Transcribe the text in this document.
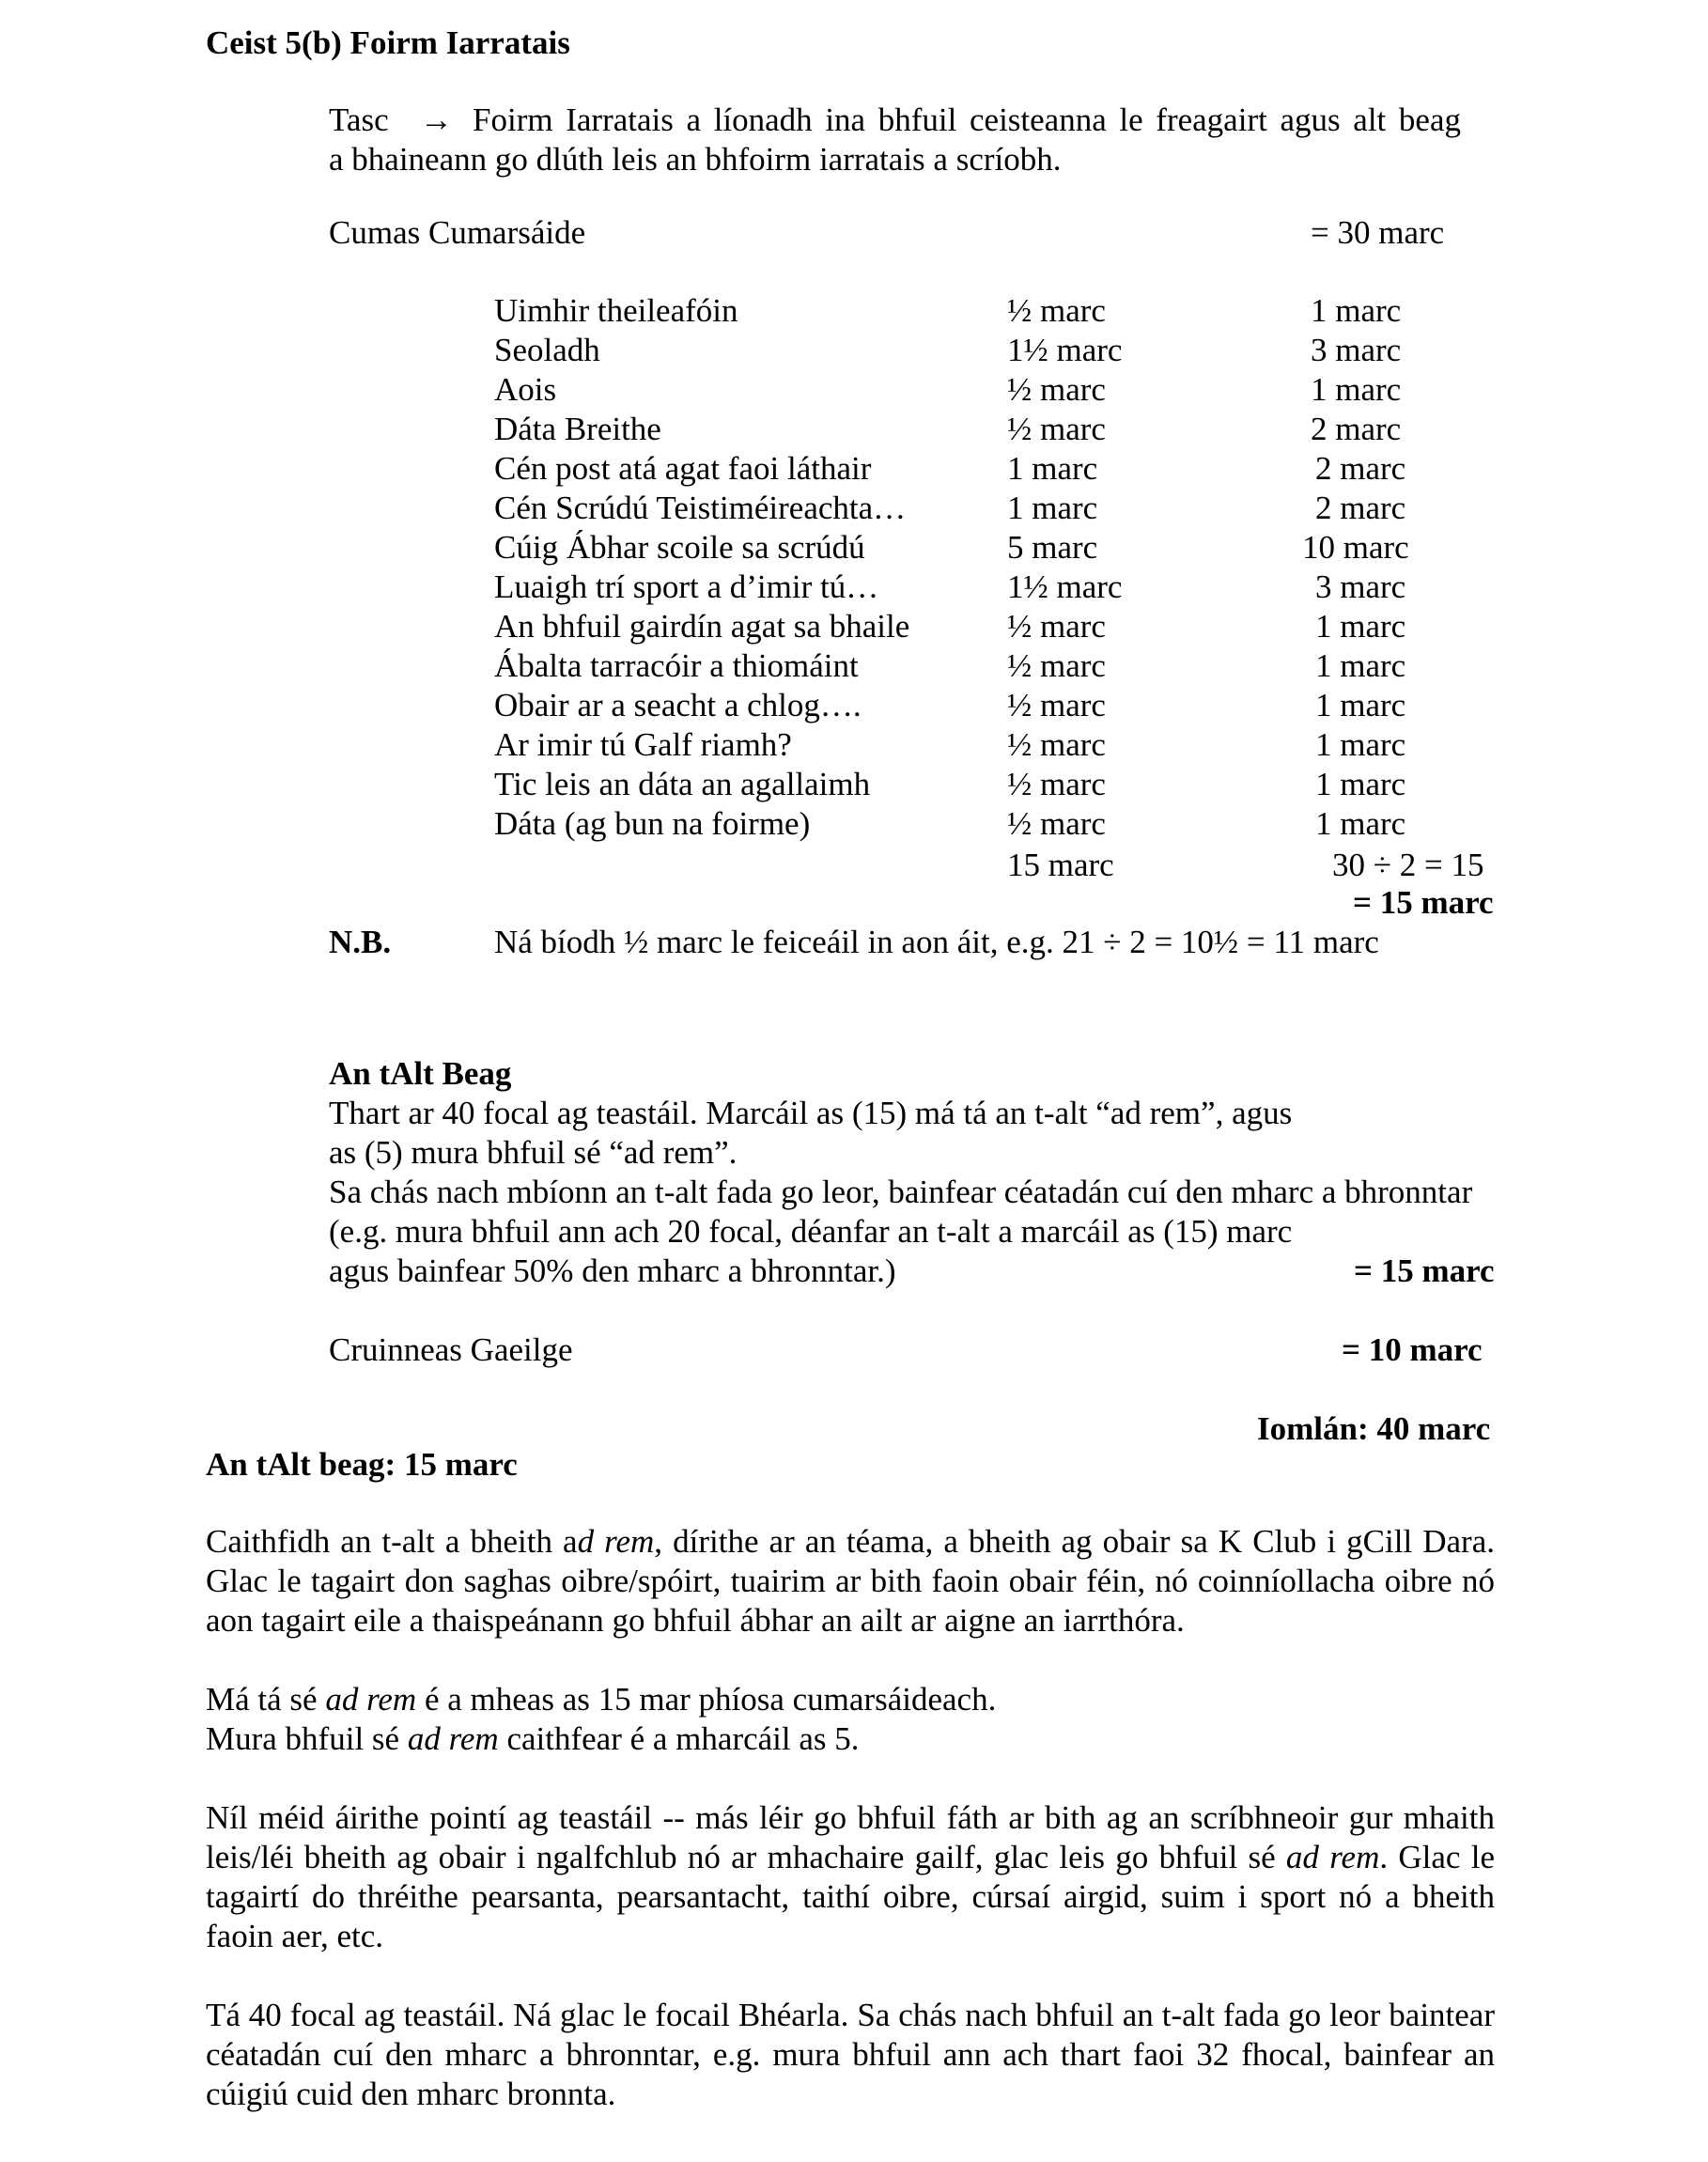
Ceist 5(b) Foirm Iarratais
Tasc → Foirm Iarratais a líonadh ina bhfuil ceisteanna le freagairt agus alt beag
a bhaineann go dlúth leis an bhfoirm iarratais a scríobh.
Cumas Cumarsáide	= 30 marc
Uimhir theileafóin	½ marc	1 marc
Seoladh	1½ marc	3 marc
Aois	½ marc	1 marc
Dáta Breithe	½ marc	2 marc
Cén post atá agat faoi láthair	1 marc	2 marc
Cén Scrúdú Teistiméireachta…	1 marc	2 marc
Cúig Ábhar scoile sa scrúdú	5 marc	10 marc
Luaigh trí sport a d’imir tú…	1½ marc	3 marc
An bhfuil gairdín agat sa bhaile	½ marc	1 marc
Ábalta tarracóir a thiomáint	½ marc	1 marc
Obair ar a seacht a chlog….	½ marc	1 marc
Ar imir tú Galf riamh?	½ marc	1 marc
Tic leis an dáta an agallaimh	½ marc	1 marc
Dáta (ag bun na foirme)	½ marc	1 marc
15 marc	30 ÷ 2 = 15
= 15 marc
N.B.	Ná bíodh ½ marc le feiceáil in aon áit, e.g. 21 ÷ 2 = 10½ = 11 marc
An tAlt Beag
Thart ar 40 focal ag teastáil. Marcáil as (15) má tá an t-alt “ad rem”, agus
as (5) mura bhfuil sé “ad rem”.
Sa chás nach mbíonn an t-alt fada go leor, bainfear céatadán cuí den mharc a bhronntar
(e.g. mura bhfuil ann ach 20 focal, déanfar an t-alt a marcáil as (15) marc
agus bainfear 50% den mharc a bhronntar.)	= 15 marc
Cruinneas Gaeilge	= 10 marc
Iomlán: 40 marc
An tAlt beag: 15 marc
Caithfidh an t-alt a bheith ad rem, dírithe ar an téama, a bheith ag obair sa K Club i gCill Dara. Glac le tagairt don saghas oibre/spóirt, tuairim ar bith faoin obair féin, nó coinníollacha oibre nó aon tagairt eile a thaispeánann go bhfuil ábhar an ailt ar aigne an iarrthóra.
Má tá sé ad rem é a mheas as 15 mar phíosa cumarsáideach.
Mura bhfuil sé ad rem caithfear é a mharcáil as 5.
Níl méid áirithe pointí ag teastáil -- más léir go bhfuil fáth ar bith ag an scríbhneoir gur mhaith leis/léi bheith ag obair i ngalfchlub nó ar mhachaire gailf, glac leis go bhfuil sé ad rem. Glac le tagairtí do thréithe pearsanta, pearsantacht, taithí oibre, cúrsaí airgid, suim i sport nó a bheith faoin aer, etc.
Tá 40 focal ag teastáil. Ná glac le focail Bhéarla. Sa chás nach bhfuil an t-alt fada go leor baintear céatadán cuí den mharc a bhronntar, e.g. mura bhfuil ann ach thart faoi 32 fhocal, bainfear an cúigiú cuid den mharc bronnta.
